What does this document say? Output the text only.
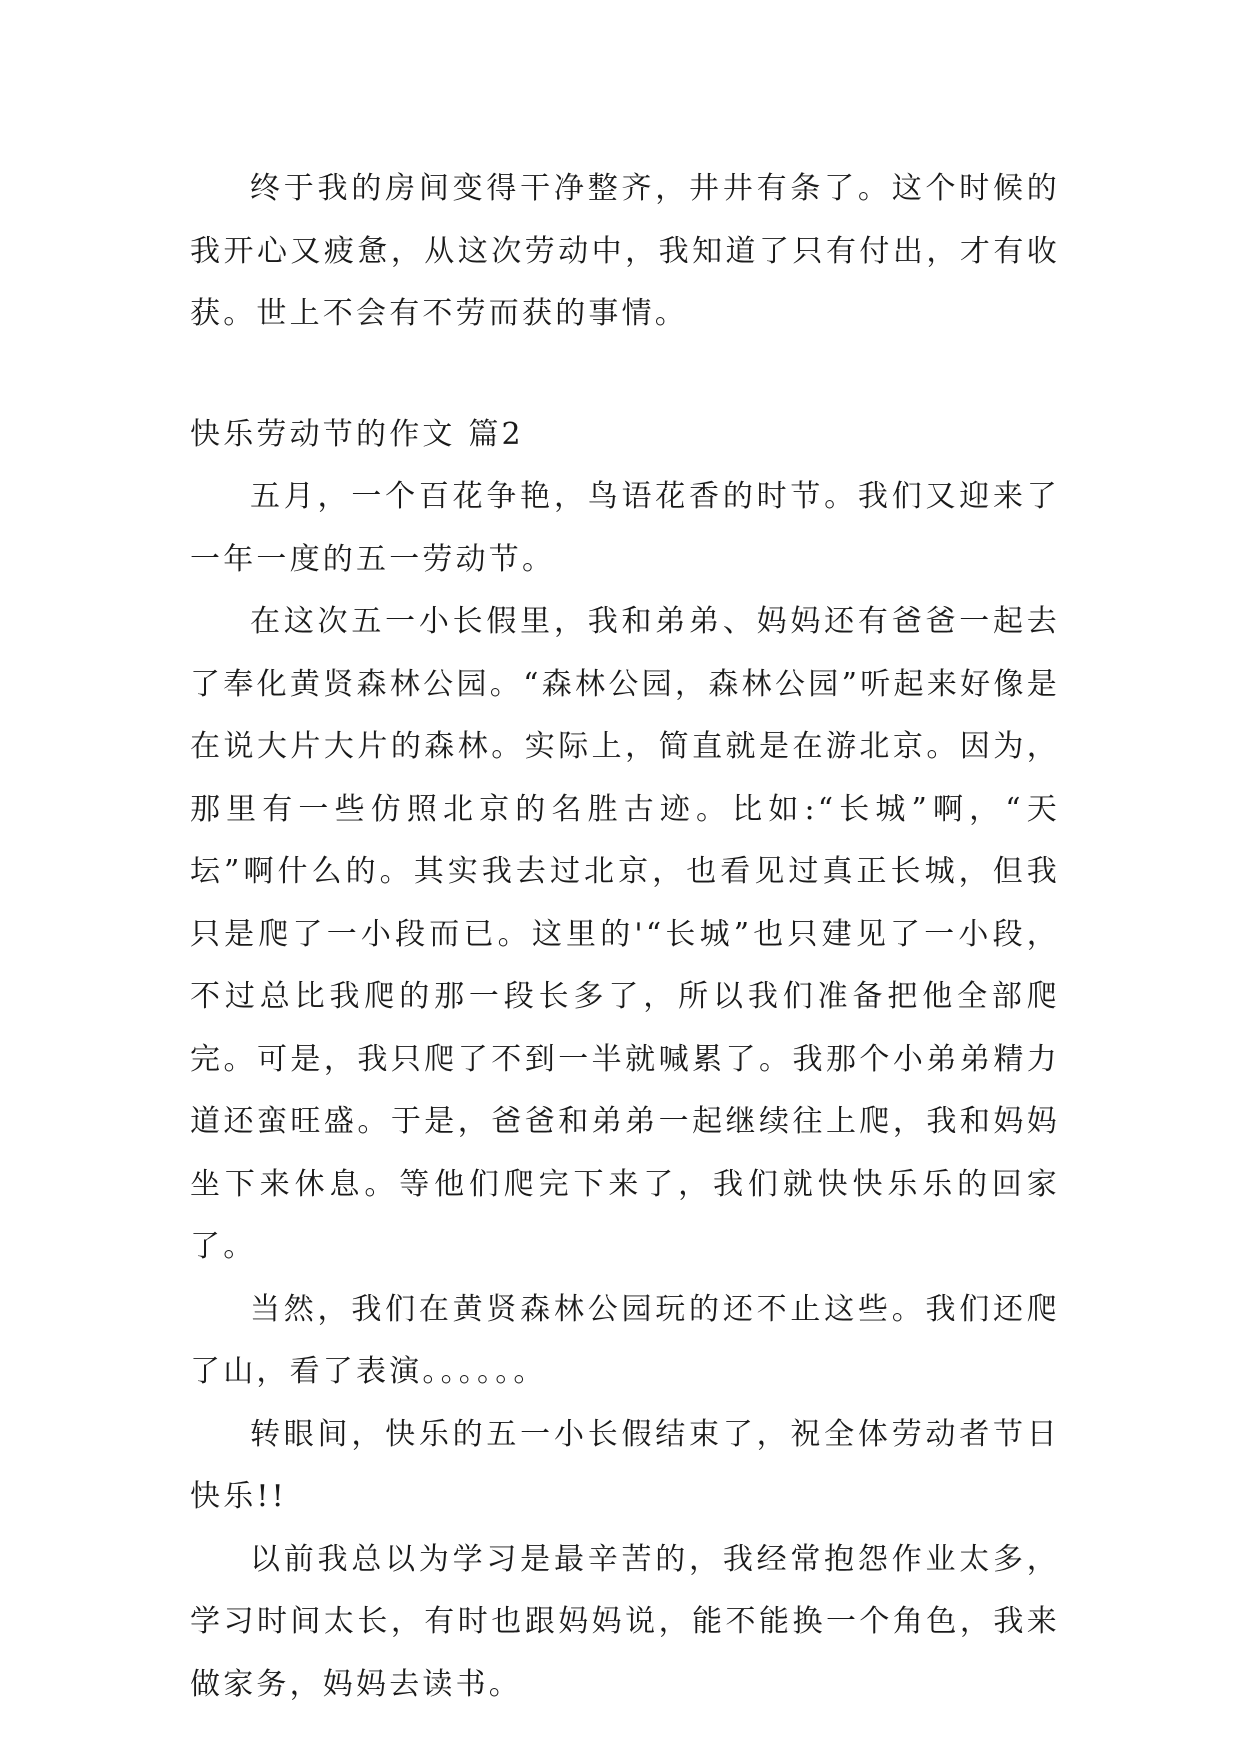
终于我的房间变得干净整齐，井井有条了。这个时候的我开心又疲惫，从这次劳动中，我知道了只有付出，才有收获。世上不会有不劳而获的事情。

快乐劳动节的作文 篇2

五月，一个百花争艳，鸟语花香的时节。我们又迎来了一年一度的五一劳动节。

在这次五一小长假里，我和弟弟、妈妈还有爸爸一起去了奉化黄贤森林公园。“森林公园，森林公园”听起来好像是在说大片大片的森林。实际上，简直就是在游北京。因为，那里有一些仿照北京的名胜古迹。比如:“长城”啊，“天坛”啊什么的。其实我去过北京，也看见过真正长城，但我只是爬了一小段而已。这里的'“长城”也只建见了一小段，不过总比我爬的那一段长多了，所以我们准备把他全部爬完。可是，我只爬了不到一半就喊累了。我那个小弟弟精力道还蛮旺盛。于是，爸爸和弟弟一起继续往上爬，我和妈妈坐下来休息。等他们爬完下来了，我们就快快乐乐的回家了。

当然，我们在黄贤森林公园玩的还不止这些。我们还爬了山，看了表演。。。。。。

转眼间，快乐的五一小长假结束了，祝全体劳动者节日快乐!!

以前我总以为学习是最辛苦的，我经常抱怨作业太多，学习时间太长，有时也跟妈妈说，能不能换一个角色，我来做家务，妈妈去读书。
